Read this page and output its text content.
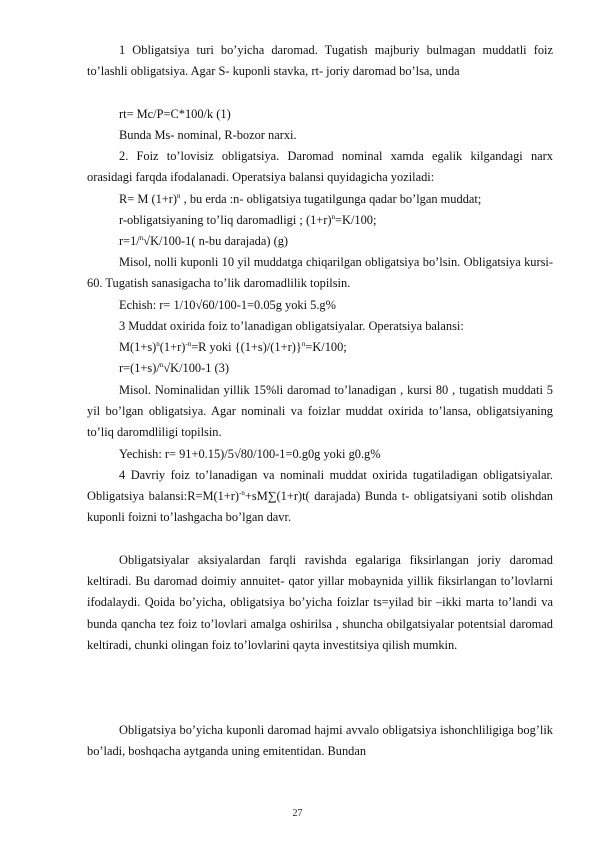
1 Obligatsiya turi bo’yicha daromad. Tugatish majburiy bulmagan muddatli foiz to’lashli obligatsiya. Agar S- kuponli stavka, rt- joriy daromad bo’lsa, unda
rt= Mc/P=C*100/k (1)
Bunda Ms- nominal, R-bozor narxi.
2. Foiz to’lovisiz obligatsiya. Daromad nominal xamda egalik kilgandagi narx orasidagi farqda ifodalanadi. Operatsiya balansi quyidagicha yoziladi:
R= M $(1+r)^n$ , bu erda :n- obligatsiya tugatilgunga qadar bo’lgan muddat;
r-obligatsiyaning to’liq daromadligi ; $(1+r)^n=K/100$;
r=1/$^n$√K/100-1( n-bu darajada) (g)
Misol, nolli kuponli 10 yil muddatga chiqarilgan obligatsiya bo’lsin. Obligatsiya kursi- 60. Tugatish sanasigacha to’lik daromadlilik topilsin.
Echish: r= 1/10√60/100-1=0.05g yoki 5.g%
3 Muddat oxirida foiz to’lanadigan obligatsiyalar. Operatsiya balansi:
$M(1+s)^n(1+r)^{-n}=R$ yoki $\{(1+s)/(1+r)\}^n=K/100$;
r=(1+s)/$^n$√K/100-1 (3)
Misol. Nominalidan yillik 15%li daromad to’lanadigan , kursi 80 , tugatish muddati 5 yil bo’lgan obligatsiya. Agar nominali va foizlar muddat oxirida to’lansa, obligatsiyaning to’liq daromdliligi topilsin.
Yechish: r= 91+0.15)/5√80/100-1=0.g0g yoki g0.g%
4 Davriy foiz to’lanadigan va nominali muddat oxirida tugatiladigan obligatsiyalar. Obligatsiya $balansi:R=M(1+r)^{-n}+sM\sum(1+r)t$( darajada) Bunda t- obligatsiyani sotib olishdan kuponli foizni to’lashgacha bo’lgan davr.
Obligatsiyalar aksiyalardan farqli ravishda egalariga fiksirlangan joriy daromad keltiradi. Bu daromad doimiy annuitet- qator yillar mobaynida yillik fiksirlangan to’lovlarni ifodalaydi. Qoida bo’yicha, obligatsiya bo’yicha foizlar ts=yilad bir –ikki marta to’landi va bunda qancha tez foiz to’lovlari amalga oshirilsa , shuncha obilgatsiyalar potentsial daromad keltiradi, chunki olingan foiz to’lovlarini qayta investitsiya qilish mumkin.
Obligatsiya bo’yicha kuponli daromad hajmi avvalo obligatsiya ishonchliligiga bog’lik bo’ladi, boshqacha aytganda uning emitentidan. Bundan
27
